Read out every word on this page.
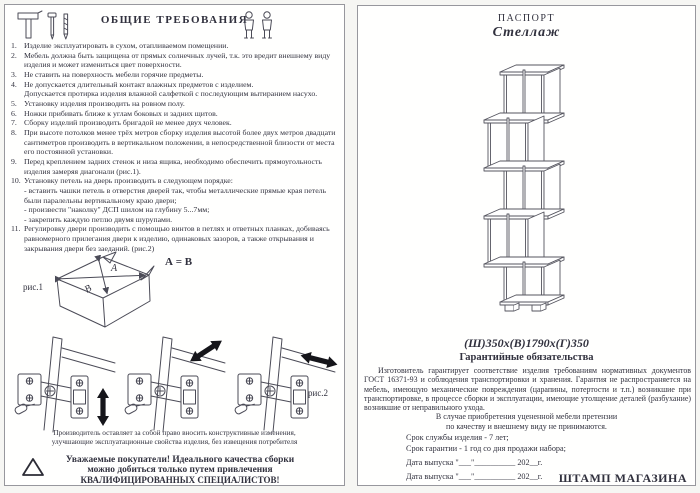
ОБЩИЕ ТРЕБОВАНИЯ
1. Изделие эксплуатировать в сухом, отапливаемом помещении.
2. Мебель должна быть защищена от прямых солнечных лучей, т.к. это вредит внешнему виду изделия и может измениться цвет поверхности.
3. Не ставить на поверхность мебели горячие предметы.
4. Не допускается длительный контакт влажных предметов с изделием.
Допускается протирка изделия влажной салфеткой с последующим вытиранием насухо.
5. Установку изделия производить на ровном полу.
6. Ножки прибивать ближе к углам боковых и задних щитов.
7. Сборку изделий производить бригадой не менее двух человек.
8. При высоте потолков менее трёх метров сборку изделия высотой более двух метров двадцати сантиметров производить в вертикальном положении, в непосредственной близости от места его постоянной установки.
9. Перед креплением задних стенок и низа ящика, необходимо обеспечить прямоугольность изделия замеряя диагонали (рис.1).
10. Установку петель на дверь производить в следующем порядке:
- вставить чашки петель в отверстия дверей так, чтобы металлические прямые края петель были паралельны вертикальному краю двери;
- произвести "наколку" ДСП шилом на глубину 5...7мм;
- закрепить каждую петлю двумя шурупами.
11. Регулировку двери производить с помощью винтов в петлях и ответных планках, добиваясь равномерного прилегания двери к изделию, одинаковых зазоров, а также открывания и закрывания двери без заеданий. (рис.2)
рис.1
А = В
А
В
рис.2
Производитель оставляет за собой право вносить конструктивные изменения,
улучшающие эксплуатационные свойства изделия, без извещения потребителя
Уважаемые покупатели! Идеального качества сборки
можно добиться только путем привлечения
КВАЛИФИЦИРОВАННЫХ СПЕЦИАЛИСТОВ!
ПАСПОРТ
Стеллаж
(Ш)350х(В)1790х(Г)350
Гарантийные обязательства
Изготовитель гарантирует соответствие изделия требованиям нормативных документов ГОСТ 16371-93 и соблюдения транспортировки и хранения. Гарантия не распространяется на мебель, имеющую механические повреждения (царапины, потертости и т.п.) возникшие при транспортировке, в процессе сборки и эксплуатации, имеющие утолщение деталей (разбухание) возникшие от неправильного ухода.
В случае приобретения уцененной мебели претензии
по качеству и внешнему виду не принимаются.
Срок службы изделия - 7 лет;
Срок гарантии - 1 год со дня продажи набора;
Дата выпуска "___"__________ 202__г.
Дата выпуска "___"__________ 202__г. ШТАМП МАГАЗИНА
